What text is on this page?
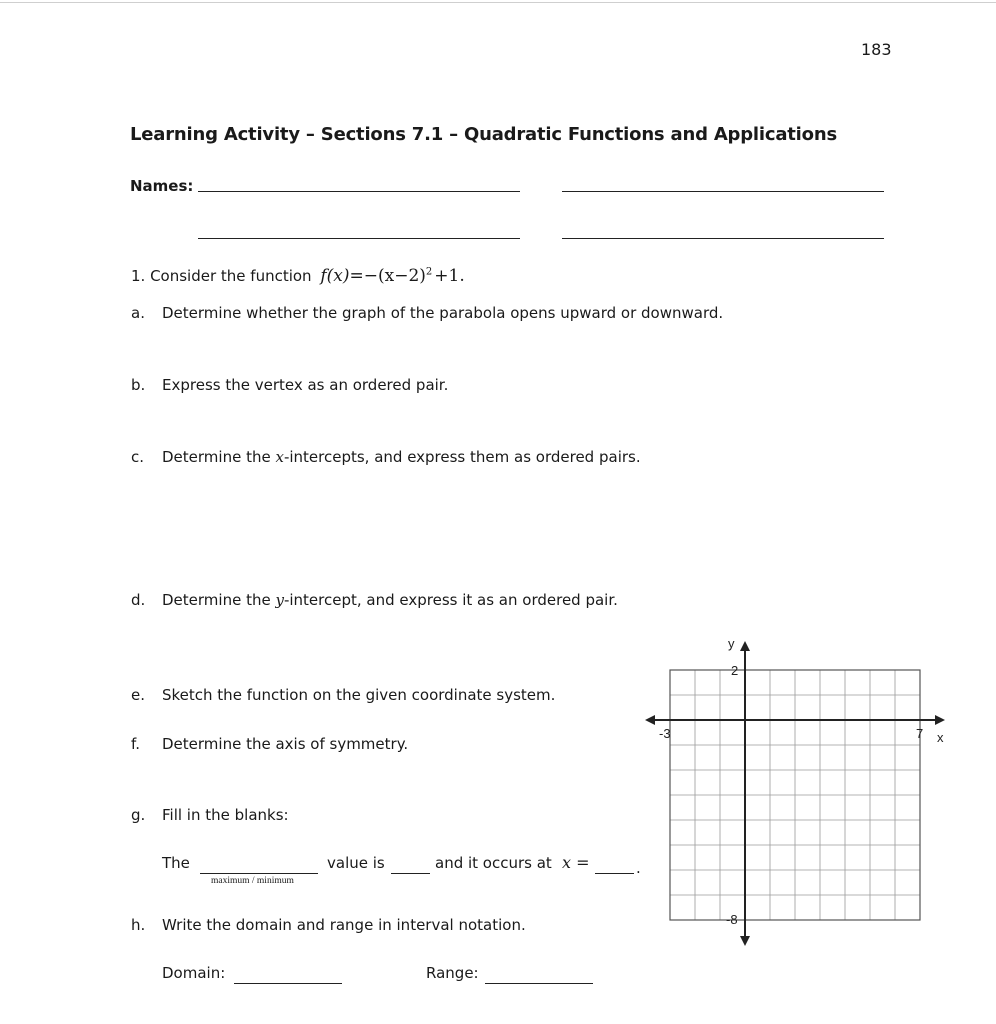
183
Learning Activity – Sections 7.1 – Quadratic Functions and Applications
Names:
1. Consider the function $f(x)=-(x-2)^2 +1$.
a. Determine whether the graph of the parabola opens upward or downward.
b. Express the vertex as an ordered pair.
c. Determine the x-intercepts, and express them as ordered pairs.
d. Determine the y-intercept, and express it as an ordered pair.
e. Sketch the function on the given coordinate system.
f. Determine the axis of symmetry.
g. Fill in the blanks:
The
maximum / minimum
value is	and it occurs at x =	.
h. Write the domain and range in interval notation.
Domain:	Range:
y
x
2
-8
-3	7
